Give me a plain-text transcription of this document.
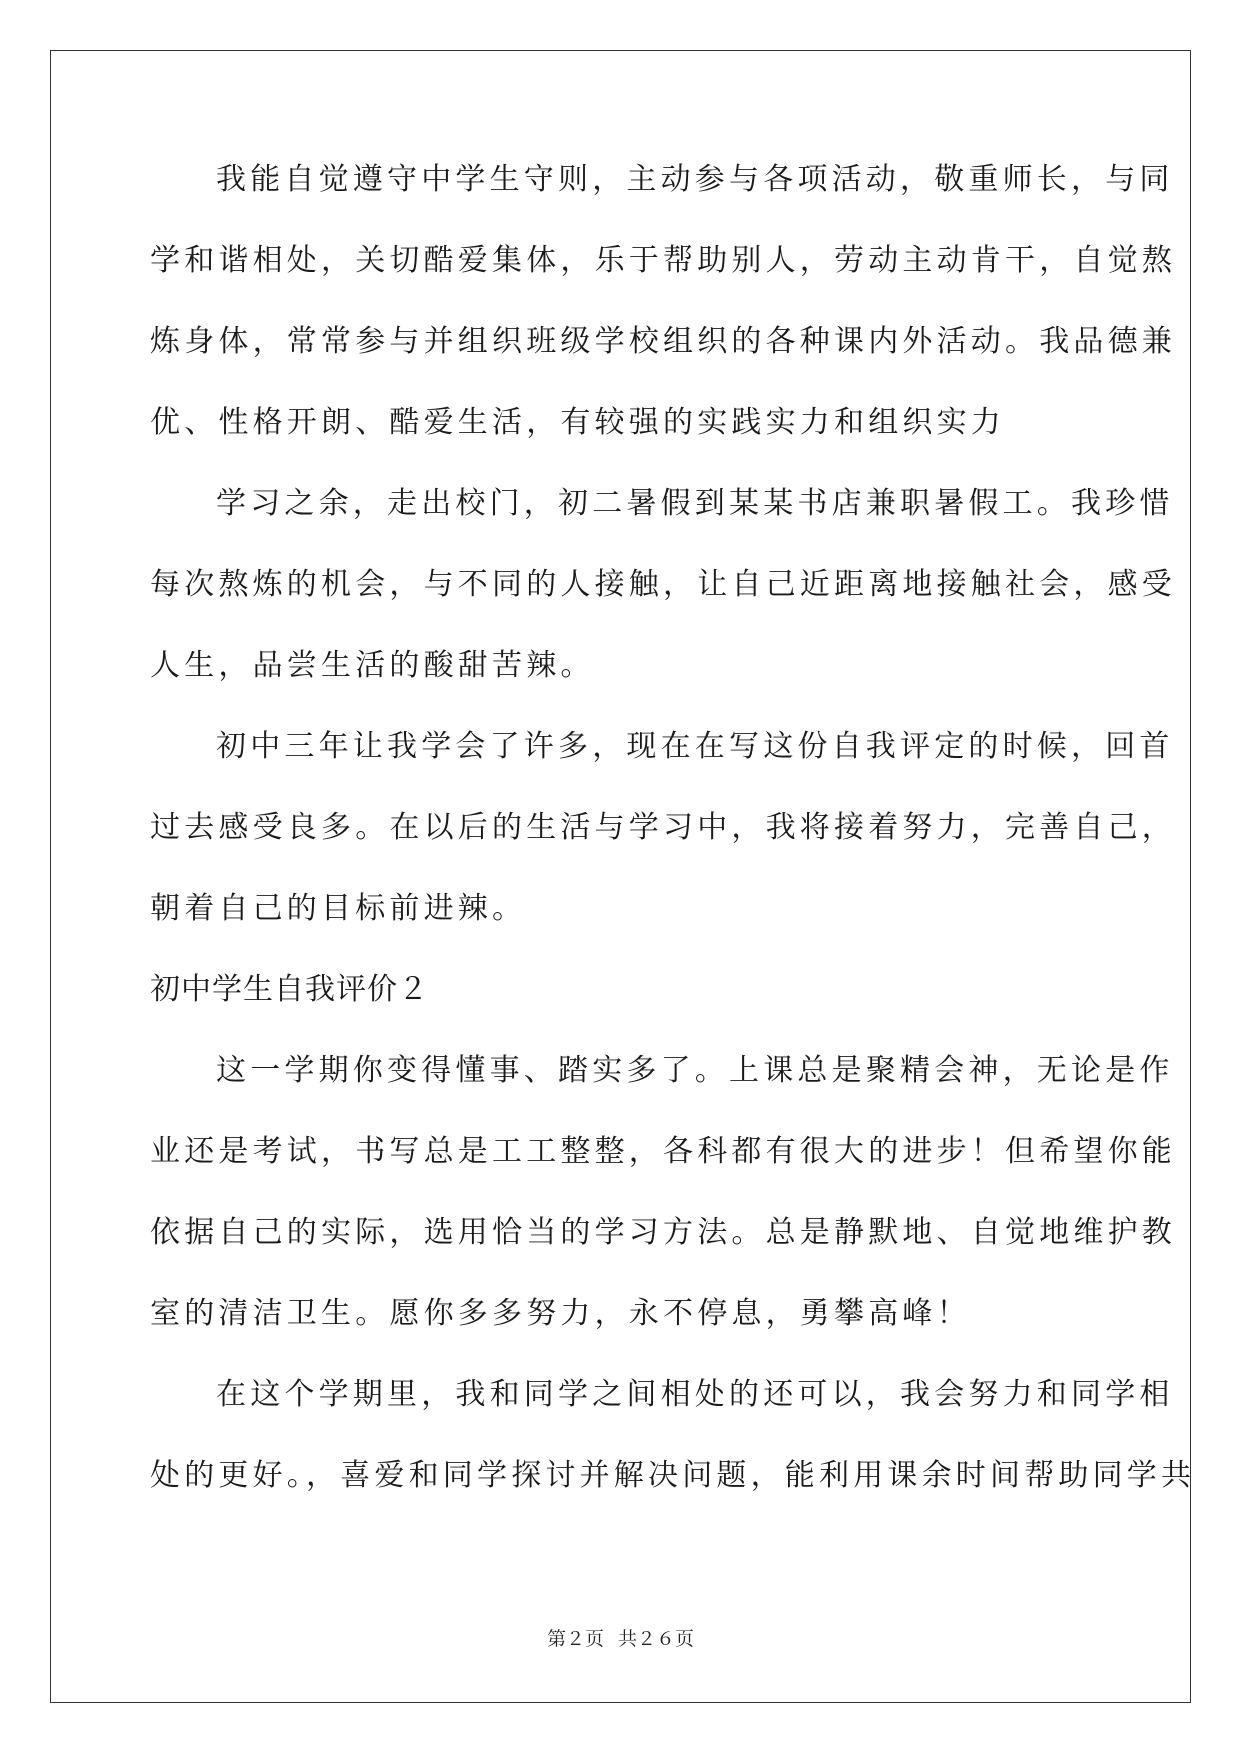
我能自觉遵守中学生守则，主动参与各项活动，敬重师长，与同
学和谐相处，关切酷爱集体，乐于帮助别人，劳动主动肯干，自觉熬
炼身体，常常参与并组织班级学校组织的各种课内外活动。我品德兼
优、性格开朗、酷爱生活，有较强的实践实力和组织实力
学习之余，走出校门，初二暑假到某某书店兼职暑假工。我珍惜
每次熬炼的机会，与不同的人接触，让自己近距离地接触社会，感受
人生，品尝生活的酸甜苦辣。
初中三年让我学会了许多，现在在写这份自我评定的时候，回首
过去感受良多。在以后的生活与学习中，我将接着努力，完善自己，
朝着自己的目标前进辣。
初中学生自我评价２
这一学期你变得懂事、踏实多了。上课总是聚精会神，无论是作
业还是考试，书写总是工工整整，各科都有很大的进步！但希望你能
依据自己的实际，选用恰当的学习方法。总是静默地、自觉地维护教
室的清洁卫生。愿你多多努力，永不停息，勇攀高峰！
在这个学期里，我和同学之间相处的还可以，我会努力和同学相
处的更好。，喜爱和同学探讨并解决问题，能利用课余时间帮助同学共
第２页 共２６页
